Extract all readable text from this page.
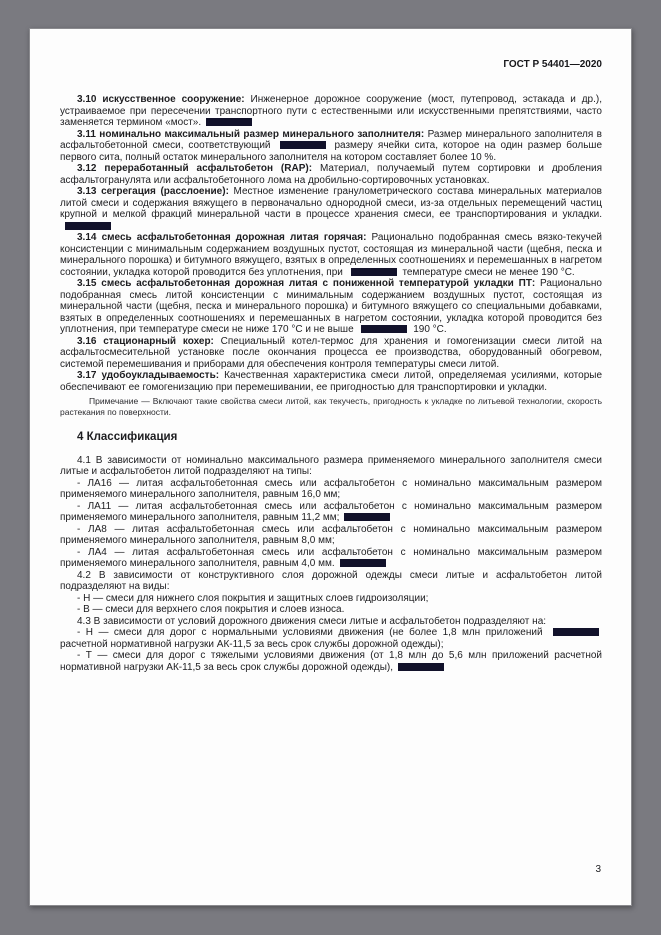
ГОСТ Р 54401—2020

3.10 искусственное сооружение: Инженерное дорожное сооружение (мост, путепровод, эстакада и др.), устраиваемое при пересечении транспортного пути с естественными или искусственными препятствиями, часто заменяется термином «мост».

3.11 номинально максимальный размер минерального заполнителя: Размер минерального заполнителя в асфальтобетонной смеси, соответствующий	размеру ячейки сита, которое на один размер больше первого сита, полный остаток минерального заполнителя на котором составляет более 10 %.

3.12 переработанный асфальтобетон (RAP): Материал, получаемый путем сортировки и дробления асфальтогранулята или асфальтобетонного лома на дробильно-сортировочных установках.

3.13 сегрегация (расслоение): Местное изменение гранулометрического состава минеральных материалов литой смеси и содержания вяжущего в первоначально однородной смеси, из-за отдельных перемещений частиц крупной и мелкой фракций минеральной части в процессе хранения смеси, ее транспортирования и укладки.

3.14 смесь асфальтобетонная дорожная литая горячая: Рационально подобранная смесь вязко-текучей консистенции с минимальным содержанием воздушных пустот, состоящая из минеральной части (щебня, песка и минерального порошка) и битумного вяжущего, взятых в определенных соотношениях и перемешанных в нагретом состоянии, укладка которой проводится без уплотнения, при	температуре смеси не менее 190 °С.

3.15 смесь асфальтобетонная дорожная литая с пониженной температурой укладки ПТ: Рационально подобранная смесь литой консистенции с минимальным содержанием воздушных пустот, состоящая из минеральной части (щебня, песка и минерального порошка) и битумного вяжущего со специальными добавками, взятых в определенных соотношениях и перемешанных в нагретом состоянии, укладка которой проводится без уплотнения, при температуре смеси не ниже 170 °С и не выше	190 °С.

3.16 стационарный кохер: Специальный котел-термос для хранения и гомогенизации смеси литой на асфальтосмесительной установке после окончания процесса ее производства, оборудованный обогревом, системой перемешивания и приборами для обеспечения контроля температуры смеси литой.

3.17 удобоукладываемость: Качественная характеристика смеси литой, определяемая усилиями, которые обеспечивают ее гомогенизацию при перемешивании, ее пригодностью для транспортировки и укладки.

Примечание — Включают такие свойства смеси литой, как текучесть, пригодность к укладке по литьевой технологии, скорость растекания по поверхности.

4 Классификация

4.1 В зависимости от номинально максимального размера применяемого минерального заполнителя смеси литые и асфальтобетон литой подразделяют на типы:

- ЛА16 — литая асфальтобетонная смесь или асфальтобетон с номинально максимальным размером применяемого минерального заполнителя, равным 16,0 мм;

- ЛА11 — литая асфальтобетонная смесь или асфальтобетон с номинально максимальным размером применяемого минерального заполнителя, равным 11,2 мм;

- ЛА8 — литая асфальтобетонная смесь или асфальтобетон с номинально максимальным размером применяемого минерального заполнителя, равным 8,0 мм;

- ЛА4 — литая асфальтобетонная смесь или асфальтобетон с номинально максимальным размером применяемого минерального заполнителя, равным 4,0 мм.

4.2 В зависимости от конструктивного слоя дорожной одежды смеси литые и асфальтобетон литой подразделяют на виды:

- Н — смеси для нижнего слоя покрытия и защитных слоев гидроизоляции;

- В — смеси для верхнего слоя покрытия и слоев износа.

4.3 В зависимости от условий дорожного движения смеси литые и асфальтобетон подразделяют на:

- Н — смеси для дорог с нормальными условиями движения (не более 1,8 млн приложений  расчетной нормативной нагрузки АК-11,5 за весь срок службы дорожной одежды);

- Т — смеси для дорог с тяжелыми условиями движения (от 1,8 млн до 5,6 млн приложений расчетной нормативной нагрузки АК-11,5 за весь срок службы дорожной одежды),

3
